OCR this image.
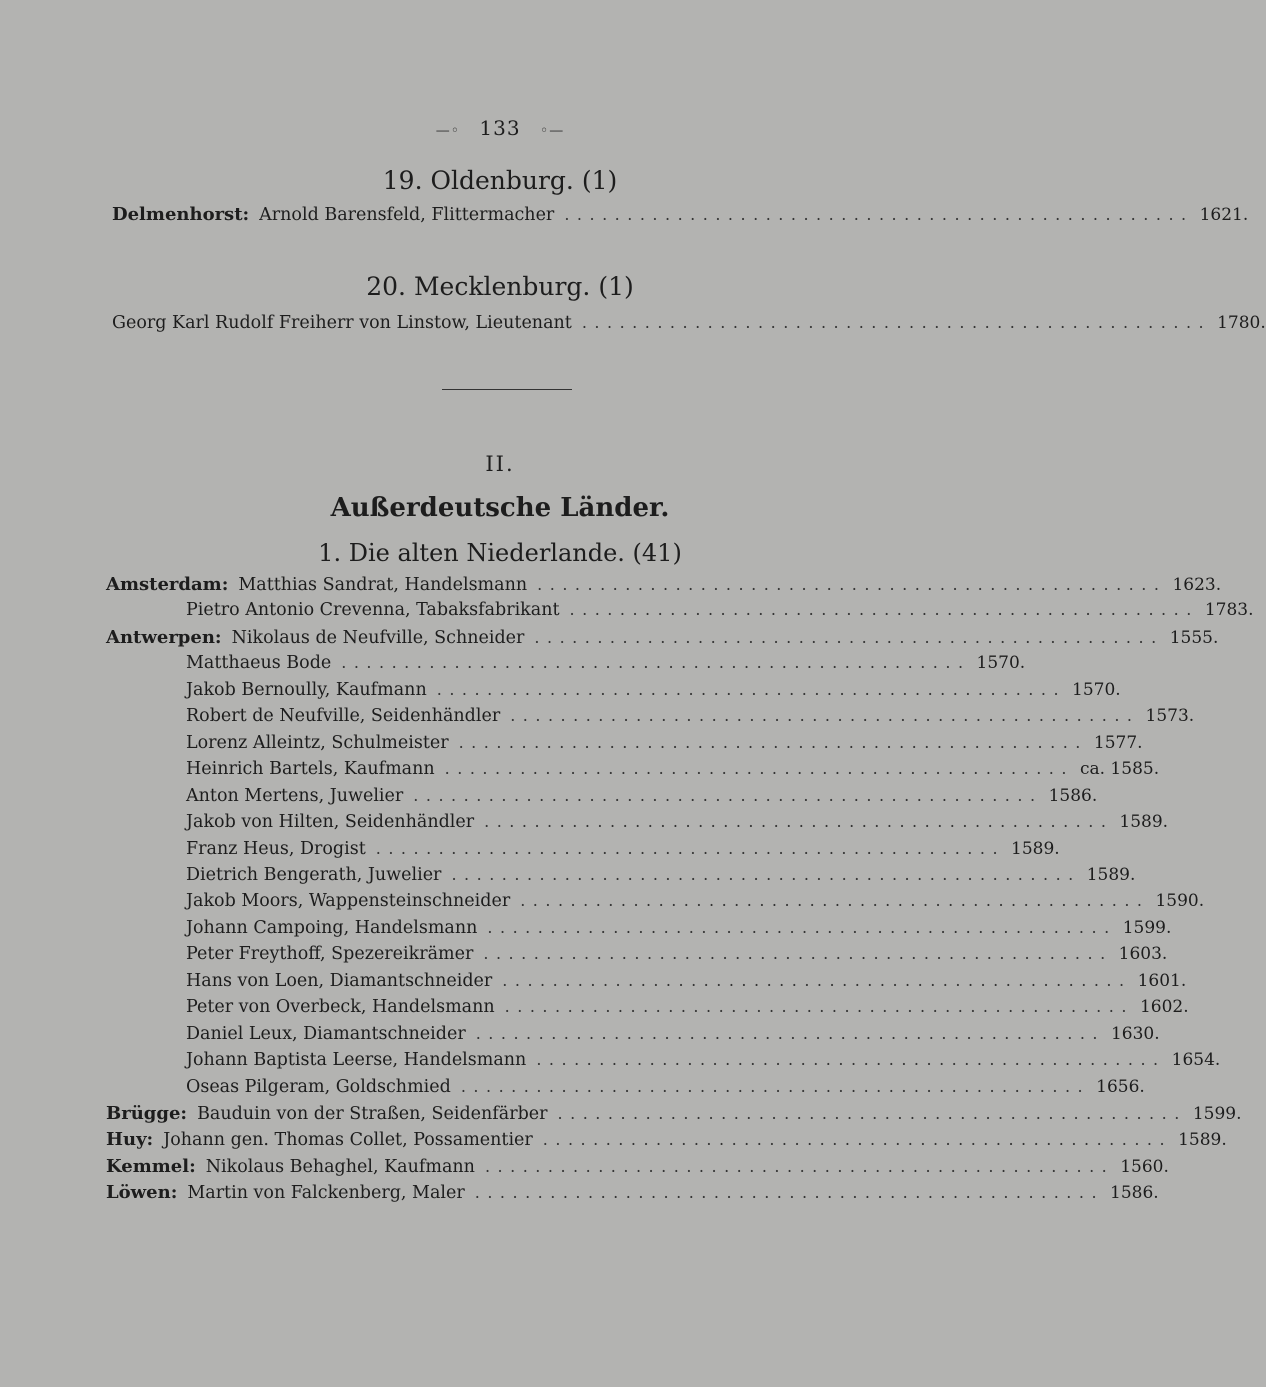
—◦ 133 ◦—
19. Oldenburg. (1)
Delmenhorst: Arnold Barensfeld, Flittermacher .................................................. 1621.
20. Mecklenburg. (1)
Georg Karl Rudolf Freiherr von Linstow, Lieutenant .................................................. 1780.
II.
Außerdeutsche Länder.
1. Die alten Niederlande. (41)
Amsterdam: Matthias Sandrat, Handelsmann .................................................. 1623.
Pietro Antonio Crevenna, Tabaksfabrikant .................................................. 1783.
Antwerpen: Nikolaus de Neufville, Schneider .................................................. 1555.
Matthaeus Bode .................................................. 1570.
Jakob Bernoully, Kaufmann .................................................. 1570.
Robert de Neufville, Seidenhändler .................................................. 1573.
Lorenz Alleintz, Schulmeister .................................................. 1577.
Heinrich Bartels, Kaufmann .................................................. ca. 1585.
Anton Mertens, Juwelier .................................................. 1586.
Jakob von Hilten, Seidenhändler .................................................. 1589.
Franz Heus, Drogist .................................................. 1589.
Dietrich Bengerath, Juwelier .................................................. 1589.
Jakob Moors, Wappensteinschneider .................................................. 1590.
Johann Campoing, Handelsmann .................................................. 1599.
Peter Freythoff, Spezereikrämer .................................................. 1603.
Hans von Loen, Diamantschneider .................................................. 1601.
Peter von Overbeck, Handelsmann .................................................. 1602.
Daniel Leux, Diamantschneider .................................................. 1630.
Johann Baptista Leerse, Handelsmann .................................................. 1654.
Oseas Pilgeram, Goldschmied .................................................. 1656.
Brügge: Bauduin von der Straßen, Seidenfärber .................................................. 1599.
Huy: Johann gen. Thomas Collet, Possamentier .................................................. 1589.
Kemmel: Nikolaus Behaghel, Kaufmann .................................................. 1560.
Löwen: Martin von Falckenberg, Maler .................................................. 1586.
